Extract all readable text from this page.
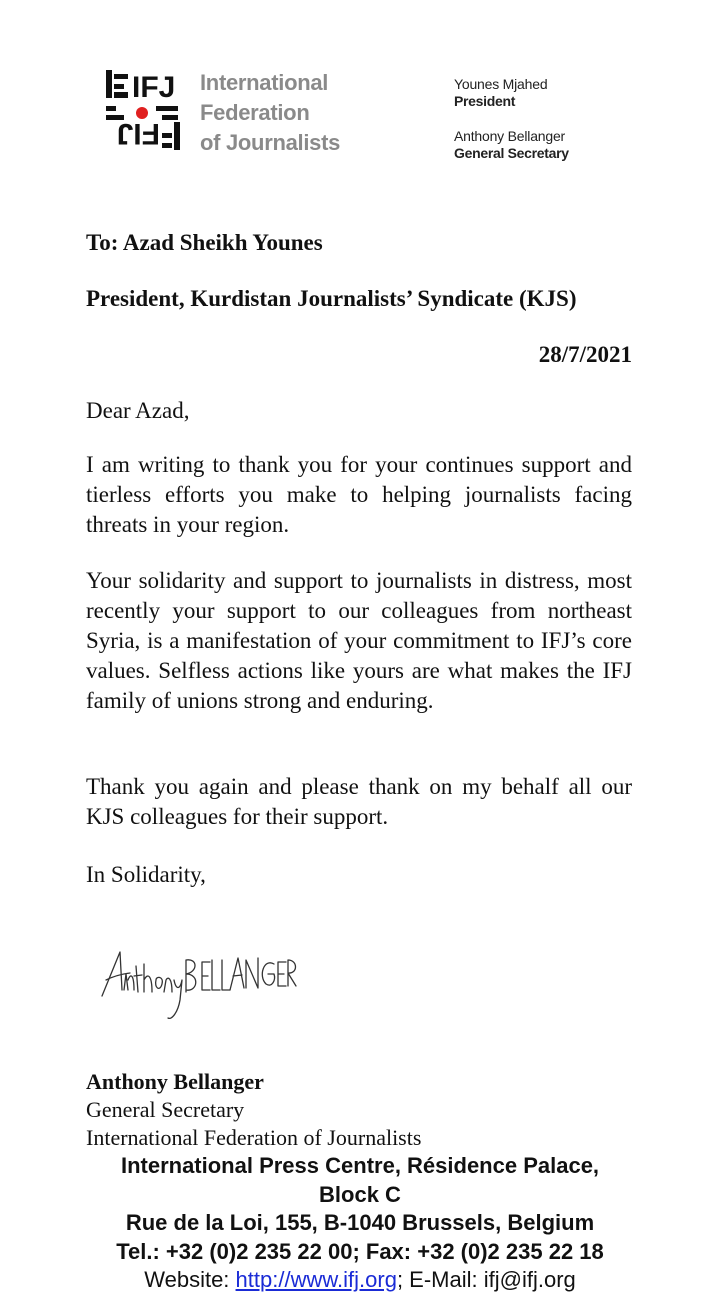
IFJ
FIJ
International
Federation
of Journalists
Younes Mjahed
President
Anthony Bellanger
General Secretary
To: Azad Sheikh Younes
President, Kurdistan Journalists’ Syndicate (KJS)
28/7/2021
Dear Azad,
I am writing to thank you for your continues support and tierless efforts you make to helping journalists facing threats in your region.
Your solidarity and support to journalists in distress, most recently your support to our colleagues from northeast Syria, is a manifestation of your commitment to IFJ’s core values. Selfless actions like yours are what makes the IFJ family of unions strong and enduring.
Thank you again and please thank on my behalf all our KJS colleagues for their support.
In Solidarity,
Anthony Bellanger
General Secretary
International Federation of Journalists
International Press Centre, Résidence Palace,
Block C
Rue de la Loi, 155, B-1040 Brussels, Belgium
Tel.: +32 (0)2 235 22 00; Fax: +32 (0)2 235 22 18
Website: http://www.ifj.org; E-Mail: ifj@ifj.org
